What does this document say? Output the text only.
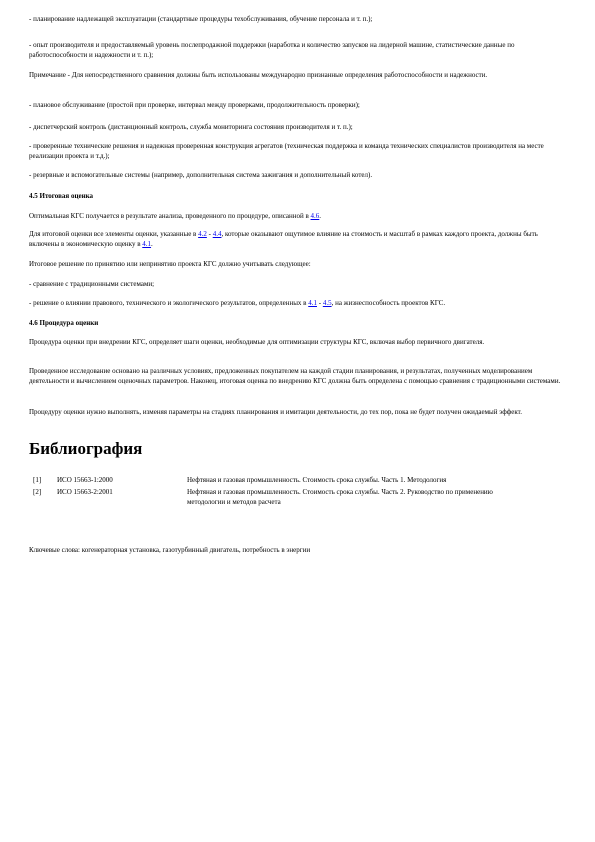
- планирование надлежащей эксплуатации (стандартные процедуры техобслуживания, обучение персонала и т. п.);

- опыт производителя и предоставляемый уровень послепродажной поддержки (наработка и количество запусков на лидерной машине, статистические данные по работоспособности и надежности и т. п.);

Примечание - Для непосредственного сравнения должны быть использованы международно признанные определения работоспособности и надежности.

- плановое обслуживание (простой при проверке, интервал между проверками, продолжительность проверки);

- диспетчерский контроль (дистанционный контроль, служба мониторинга состояния производителя и т. п.);

- проверенные технические решения и надежная проверенная конструкция агрегатов (техническая поддержка и команда технических специалистов производителя на месте реализации проекта и т.д.);

- резервные и вспомогательные системы (например, дополнительная система зажигания и дополнительный котел).

4.5 Итоговая оценка

Оптимальная КГС получается в результате анализа, проведенного по процедуре, описанной в 4.6.

Для итоговой оценки все элементы оценки, указанные в 4.2 - 4.4, которые оказывают ощутимое влияние на стоимость и масштаб в рамках каждого проекта, должны быть включены в экономическую оценку в 4.1.

Итоговое решение по принятию или непринятию проекта КГС должно учитывать следующее:

- сравнение с традиционными системами;

- решение о влиянии правового, технического и экологического результатов, определенных в 4.1 - 4.5, на жизнеспособность проектов КГС.

4.6 Процедура оценки

Процедура оценки при внедрении КГС, определяет шаги оценки, необходимые для оптимизации структуры КГС, включая выбор первичного двигателя.

Проведенное исследование основано на различных условиях, предложенных покупателем на каждой стадии планирования, и результатах, полученных моделированием деятельности и вычислением оценочных параметров. Наконец, итоговая оценка по внедрению КГС должна быть определена с помощью сравнения с традиционными системами.

Процедуру оценки нужно выполнять, изменяя параметры на стадиях планирования и имитации деятельности, до тех пор, пока не будет получен ожидаемый эффект.

Библиография
[1] ИСО 15663-1:2000	Нефтяная и газовая промышленность. Стоимость срока службы. Часть 1. Методология
[2] ИСО 15663-2:2001	Нефтяная и газовая промышленность. Стоимость срока службы. Часть 2. Руководство по применению методологии и методов расчета

Ключевые слова: когенераторная установка, газотурбинный двигатель, потребность в энергии
